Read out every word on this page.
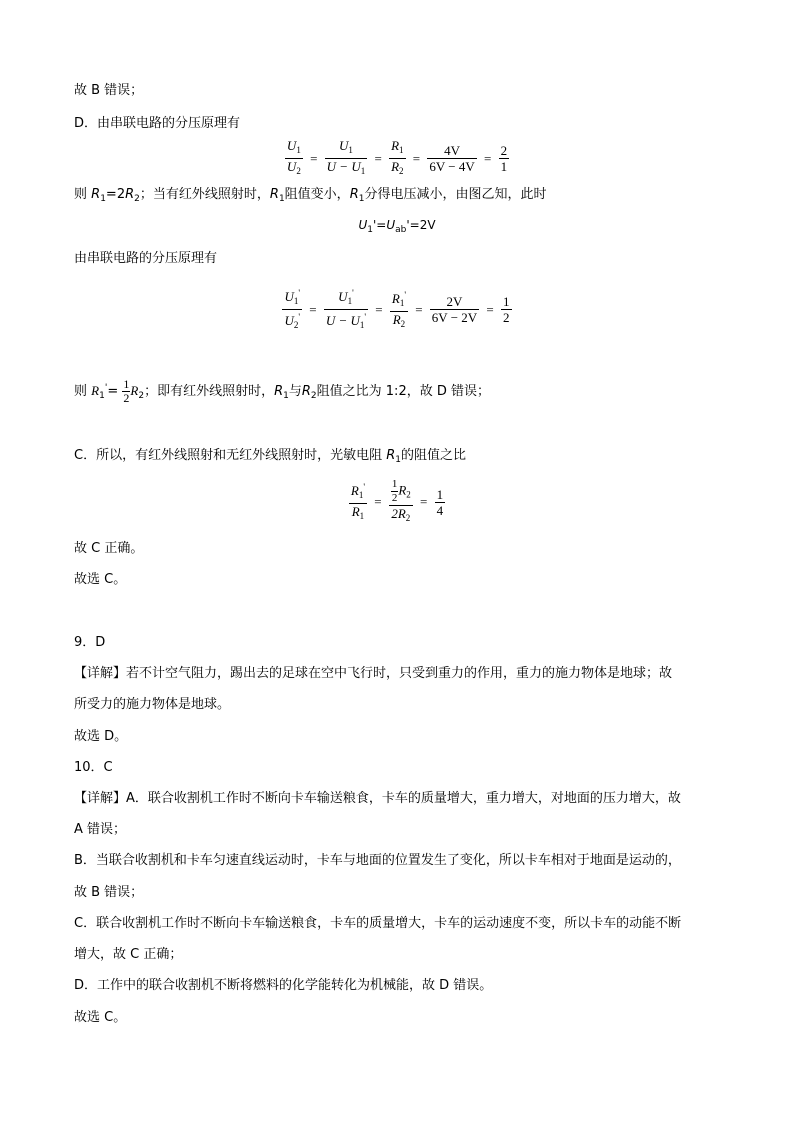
故 B 错误；
D．由串联电路的分压原理有
$\frac{U_1}{U_2} = \frac{U_1}{U - U_1} = \frac{R_1}{R_2} = \frac{4V}{6V - 4V} = \frac{2}{1}$
则 $R_1=2R_2$；当有红外线照射时，$R_1$阻值变小，$R_1$分得电压减小，由图乙知，此时
$U_1'=U_{ab}'=2V$
由串联电路的分压原理有
$\frac{U_1'}{U_2'} = \frac{U_1'}{U - U_1'} = \frac{R_1'}{R_2} = \frac{2V}{6V - 2V} = \frac{1}{2}$
则 $R_1'= \frac{1}{2} R_2$；即有红外线照射时，$R_1$与$R_2$阻值之比为 1:2，故 D 错误；
C．所以，有红外线照射和无红外线照射时，光敏电阻 $R_1$的阻值之比
$\frac{R_1'}{R_1} = \frac{\frac{1}{2} R_2}{2R_2} = \frac{1}{4}$
故 C 正确。
故选 C。
9．D
【详解】若不计空气阻力，踢出去的足球在空中飞行时，只受到重力的作用，重力的施力物体是地球；故
所受力的施力物体是地球。
故选 D。
10．C
【详解】A．联合收割机工作时不断向卡车输送粮食，卡车的质量增大，重力增大，对地面的压力增大，故
A 错误；
B．当联合收割机和卡车匀速直线运动时，卡车与地面的位置发生了变化，所以卡车相对于地面是运动的，
故 B 错误；
C．联合收割机工作时不断向卡车输送粮食，卡车的质量增大，卡车的运动速度不变，所以卡车的动能不断
增大，故 C 正确；
D．工作中的联合收割机不断将燃料的化学能转化为机械能，故 D 错误。
故选 C。
